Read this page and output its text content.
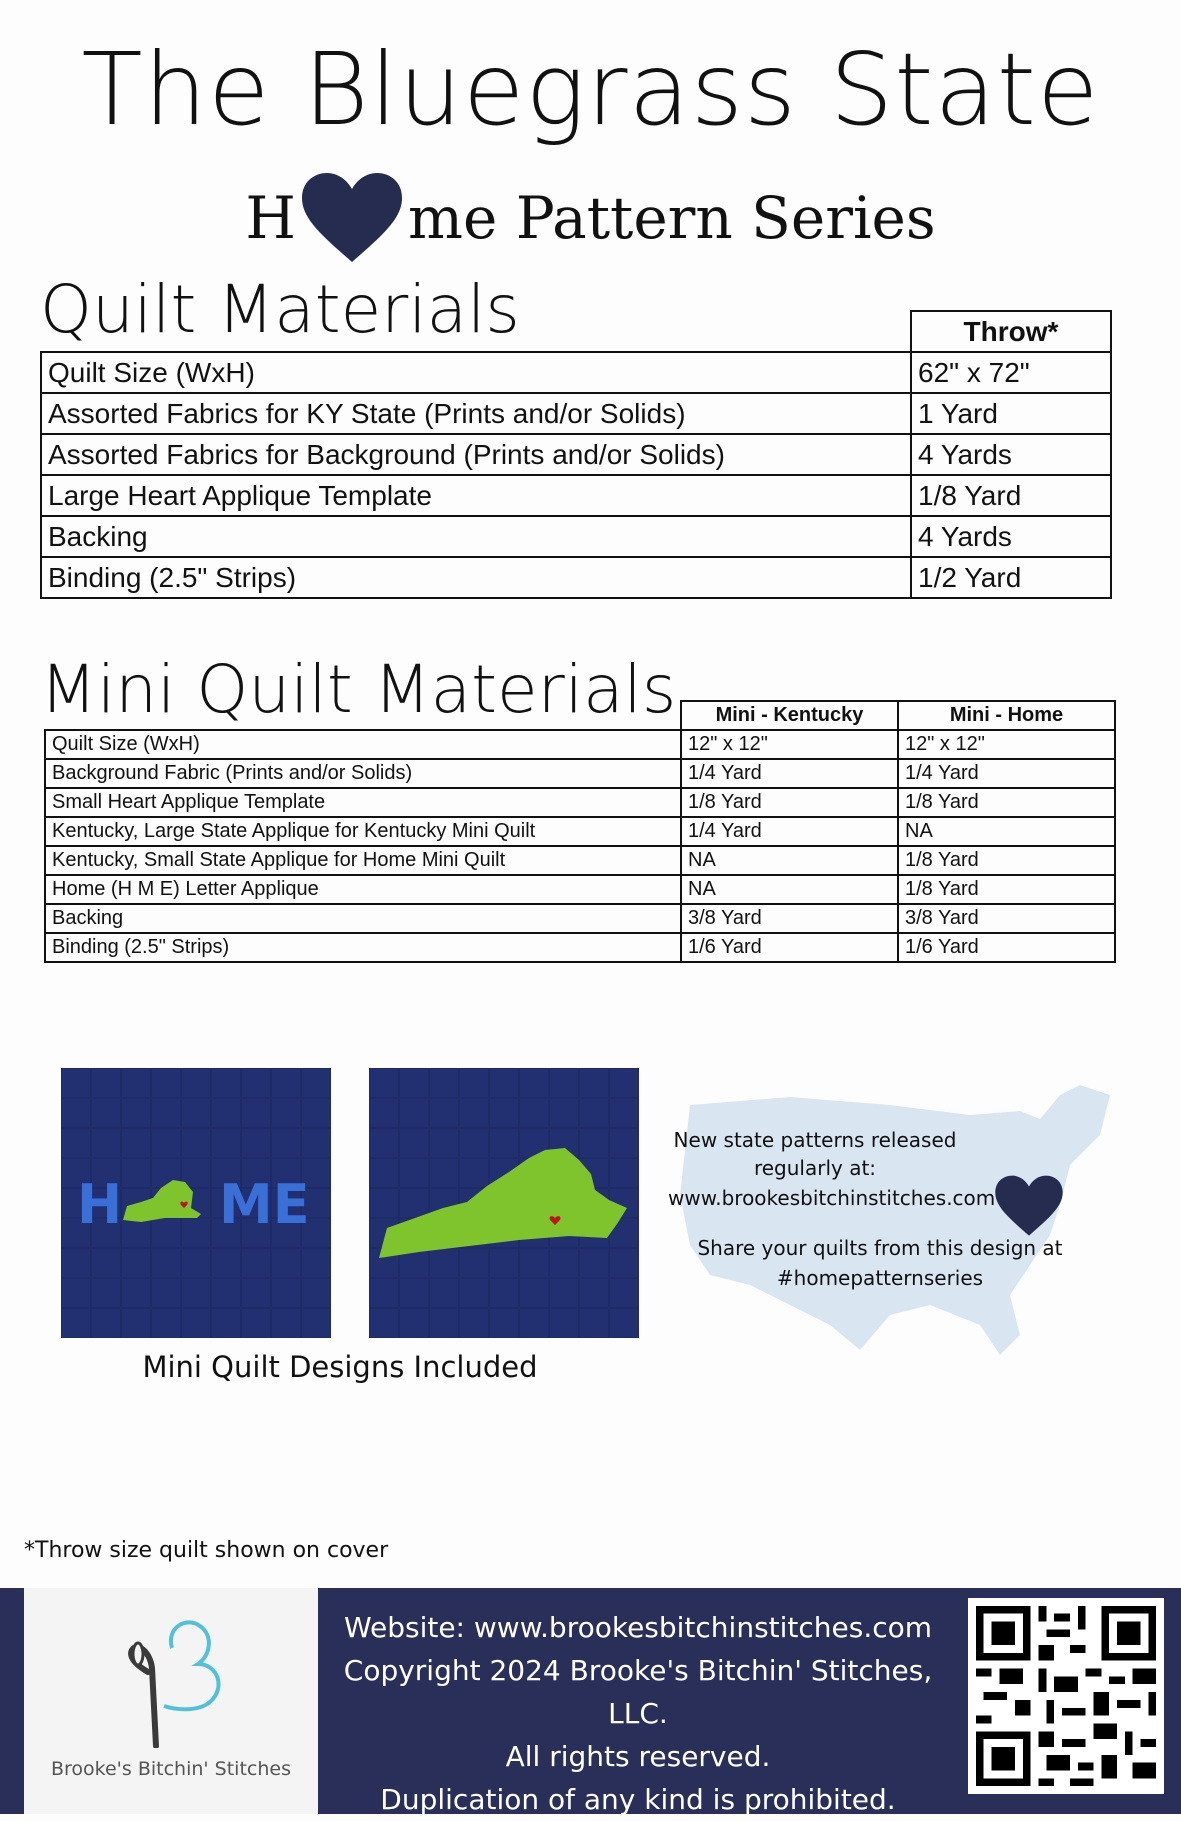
The Bluegrass State
H me Pattern Series
Quilt Materials
		Throw*
Quilt Size (WxH)	62" x 72"
Assorted Fabrics for KY State (Prints and/or Solids)	1 Yard
Assorted Fabrics for Background (Prints and/or Solids)	4 Yards
Large Heart Applique Template	1/8 Yard
Backing	4 Yards
Binding (2.5" Strips)	1/2 Yard
Mini Quilt Materials
	Mini - Kentucky	Mini - Home
Quilt Size (WxH)	12" x 12"	12" x 12"
Background Fabric (Prints and/or Solids)	1/4 Yard	1/4 Yard
Small Heart Applique Template	1/8 Yard	1/8 Yard
Kentucky, Large State Applique for Kentucky Mini Quilt	1/4 Yard	NA
Kentucky, Small State Applique for Home Mini Quilt	NA	1/8 Yard
Home (H M E) Letter Applique	NA	1/8 Yard
Backing	3/8 Yard	3/8 Yard
Binding (2.5" Strips)	1/6 Yard	1/6 Yard
H ME
Mini Quilt Designs Included
New state patterns released
regularly at:
www.brookesbitchinstitches.com
Share your quilts from this design at
#homepatternseries
*Throw size quilt shown on cover
Brooke's Bitchin' Stitches
Website: www.brookesbitchinstitches.com
Copyright 2024 Brooke's Bitchin' Stitches, LLC.
All rights reserved.
Duplication of any kind is prohibited.
